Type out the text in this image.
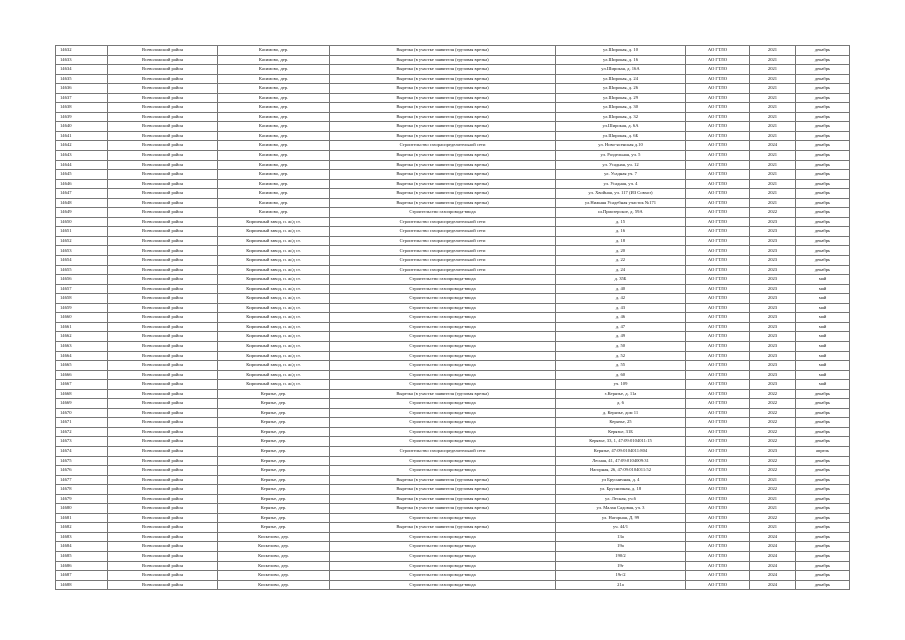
14632	Всеволожский район	Касимово, дер.	Вырезка (в участке заявителя (грузовая врезка)	ул.Широкая, д. 10	АО ГТЛО	2021	декабрь
14633	Всеволожский район	Касимово, дер.	Вырезка (в участке заявителя (грузовая врезка)	ул.Широкая, д. 16	АО ГТЛО	2021	декабрь
14634	Всеволожский район	Касимово, дер.	Вырезка (в участке заявителя (грузовая врезка)	ул.Широкая, д. 16А	АО ГТЛО	2021	декабрь
14635	Всеволожский район	Касимово, дер.	Вырезка (в участке заявителя (грузовая врезка)	ул.Широкая, д. 24	АО ГТЛО	2021	декабрь
14636	Всеволожский район	Касимово, дер.	Вырезка (в участке заявителя (грузовая врезка)	ул.Широкая, д. 26	АО ГТЛО	2021	декабрь
14637	Всеволожский район	Касимово, дер.	Вырезка (в участке заявителя (грузовая врезка)	ул.Широкая, д. 29	АО ГТЛО	2021	декабрь
14638	Всеволожский район	Касимово, дер.	Вырезка (в участке заявителя (грузовая врезка)	ул.Широкая, д. 30	АО ГТЛО	2021	декабрь
14639	Всеволожский район	Касимово, дер.	Вырезка (в участке заявителя (грузовая врезка)	ул.Широкая, д. 32	АО ГТЛО	2021	декабрь
14640	Всеволожский район	Касимово, дер.	Вырезка (в участке заявителя (грузовая врезка)	ул.Широкая, д. 6А	АО ГТЛО	2021	декабрь
14641	Всеволожский район	Касимово, дер.	Вырезка (в участке заявителя (грузовая врезка)	ул.Широкая, д. 6Б	АО ГТЛО	2021	декабрь
14642	Всеволожский район	Касимово, дер.	Строительство газораспределительной сети	ул. Ново-ясенская д.10	АО ГТЛО	2024	декабрь
14643	Всеволожский район	Касимово, дер.	Вырезка (в участке заявителя (грузовая врезка)	ул. Раздельная, уч. 5	АО ГТЛО	2021	декабрь
14644	Всеволожский район	Касимово, дер.	Вырезка (в участке заявителя (грузовая врезка)	ул. Усадная, уч. 12	АО ГТЛО	2021	декабрь
14645	Всеволожский район	Касимово, дер.	Вырезка (в участке заявителя (грузовая врезка)	ул. Усадная уч. 7	АО ГТЛО	2021	декабрь
14646	Всеволожский район	Касимово, дер.	Вырезка (в участке заявителя (грузовая врезка)	ул. Усадная, уч. 4	АО ГТЛО	2021	декабрь
14647	Всеволожский район	Касимово, дер.	Вырезка (в участке заявителя (грузовая врезка)	ул. Хвойная, уч. 117 (ИЗ Совхоз)	АО ГТЛО	2021	декабрь
14648	Всеволожский район	Касимово, дер.	Вырезка (в участке заявителя (грузовая врезка)	ул.Нижняя Усадебная участок №171	АО ГТЛО	2021	декабрь
14649	Всеволожский район	Касимово, дер.	Строительство газопровода-ввода	ш.Приозерское, д. 59А	АО ГТЛО	2022	декабрь
14650	Всеволожский район	Кирпичный завод, п. ж/д ст.	Строительство газораспределительной сети	д. 15	АО ГТЛО	2023	декабрь
14651	Всеволожский район	Кирпичный завод, п. ж/д ст.	Строительство газораспределительной сети	д. 16	АО ГТЛО	2023	декабрь
14652	Всеволожский район	Кирпичный завод, п. ж/д ст.	Строительство газораспределительной сети	д. 18	АО ГТЛО	2023	декабрь
14653	Всеволожский район	Кирпичный завод, п. ж/д ст.	Строительство газораспределительной сети	д. 20	АО ГТЛО	2023	декабрь
14654	Всеволожский район	Кирпичный завод, п. ж/д ст.	Строительство газораспределительной сети	д. 22	АО ГТЛО	2023	декабрь
14655	Всеволожский район	Кирпичный завод, п. ж/д ст.	Строительство газораспределительной сети	д. 24	АО ГТЛО	2023	декабрь
14656	Всеволожский район	Кирпичный завод, п. ж/д ст.	Строительство газопровода-ввода	д. 35Б	АО ГТЛО	2023	май
14657	Всеволожский район	Кирпичный завод, п. ж/д ст.	Строительство газопровода-ввода	д. 40	АО ГТЛО	2023	май
14658	Всеволожский район	Кирпичный завод, п. ж/д ст.	Строительство газопровода-ввода	д. 42	АО ГТЛО	2023	май
14659	Всеволожский район	Кирпичный завод, п. ж/д ст.	Строительство газопровода-ввода	д. 43	АО ГТЛО	2023	май
14660	Всеволожский район	Кирпичный завод, п. ж/д ст.	Строительство газопровода-ввода	д. 46	АО ГТЛО	2023	май
14661	Всеволожский район	Кирпичный завод, п. ж/д ст.	Строительство газопровода-ввода	д. 47	АО ГТЛО	2023	май
14662	Всеволожский район	Кирпичный завод, п. ж/д ст.	Строительство газопровода-ввода	д. 49	АО ГТЛО	2023	май
14663	Всеволожский район	Кирпичный завод, п. ж/д ст.	Строительство газопровода-ввода	д. 50	АО ГТЛО	2023	май
14664	Всеволожский район	Кирпичный завод, п. ж/д ст.	Строительство газопровода-ввода	д. 52	АО ГТЛО	2023	май
14665	Всеволожский район	Кирпичный завод, п. ж/д ст.	Строительство газопровода-ввода	д. 55	АО ГТЛО	2023	май
14666	Всеволожский район	Кирпичный завод, п. ж/д ст.	Строительство газопровода-ввода	д. 60	АО ГТЛО	2023	май
14667	Всеволожский район	Кирпичный завод, п. ж/д ст.	Строительство газопровода-ввода	уч. 109	АО ГТЛО	2023	май
14668	Всеволожский район	Керязье, дер.	Вырезка (в участке заявителя (грузовая врезка)	з.Керязье, д. 11а	АО ГТЛО	2022	декабрь
14669	Всеволожский район	Керязье, дер.	Строительство газопровода-ввода	д. 6	АО ГТЛО	2022	декабрь
14670	Всеволожский район	Керязье, дер.	Строительство газопровода-ввода	д. Керязье, дом 11	АО ГТЛО	2022	декабрь
14671	Всеволожский район	Керязье, дер.	Строительство газопровода-ввода	Керязье, 25	АО ГТЛО	2022	декабрь
14672	Всеволожский район	Керязье, дер.	Строительство газопровода-ввода	Керязье, 31Б	АО ГТЛО	2022	декабрь
14673	Всеволожский район	Керязье, дер.	Строительство газопровода-ввода	Керязье, 33, 1, 47:09:0104011:15	АО ГТЛО	2022	декабрь
14674	Всеволожский район	Керязье, дер.	Строительство газораспределительной сети	Керязье, 47:09:0104011:804	АО ГТЛО	2023	апрель
14675	Всеволожский район	Керязье, дер.	Строительство газопровода-ввода	Лесная, 41, 47:09:0104009:31	АО ГТЛО	2022	декабрь
14676	Всеволожский район	Керязье, дер.	Строительство газопровода-ввода	Нагорная, 26, 47:09:0104011:52	АО ГТЛО	2022	декабрь
14677	Всеволожский район	Керязье, дер.	Вырезка (в участке заявителя (грузовая врезка)	ул Брусничная, д. 4	АО ГТЛО	2021	декабрь
14678	Всеволожский район	Керязье, дер.	Вырезка (в участке заявителя (грузовая врезка)	ул. Брусничная, д. 18	АО ГТЛО	2022	декабрь
14679	Всеволожский район	Керязье, дер.	Вырезка (в участке заявителя (грузовая врезка)	ул. Лесная, уч.6	АО ГТЛО	2021	декабрь
14680	Всеволожский район	Керязье, дер.	Вырезка (в участке заявителя (грузовая врезка)	ул. Малая Садовая, уч. 3	АО ГТЛО	2021	декабрь
14681	Всеволожский район	Керязье, дер.	Строительство газопровода-ввода	ул. Нагорная, Д. 99	АО ГТЛО	2022	декабрь
14682	Всеволожский район	Керязье, дер.	Вырезка (в участке заявителя (грузовая врезка)	уч. 44/1	АО ГТЛО	2021	декабрь
14683	Всеволожский район	Кискелово, дер.	Строительство газопровода-ввода	13а	АО ГТЛО	2024	декабрь
14684	Всеволожский район	Кискелово, дер.	Строительство газопровода-ввода	19а	АО ГТЛО	2024	декабрь
14685	Всеволожский район	Кискелово, дер.	Строительство газопровода-ввода	190/2	АО ГТЛО	2024	декабрь
14686	Всеволожский район	Кискелово, дер.	Строительство газопровода-ввода	19г	АО ГТЛО	2024	декабрь
14687	Всеволожский район	Кискелово, дер.	Строительство газопровода-ввода	19г/2	АО ГТЛО	2024	декабрь
14688	Всеволожский район	Кискелово, дер.	Строительство газопровода-ввода	21а	АО ГТЛО	2024	декабрь
